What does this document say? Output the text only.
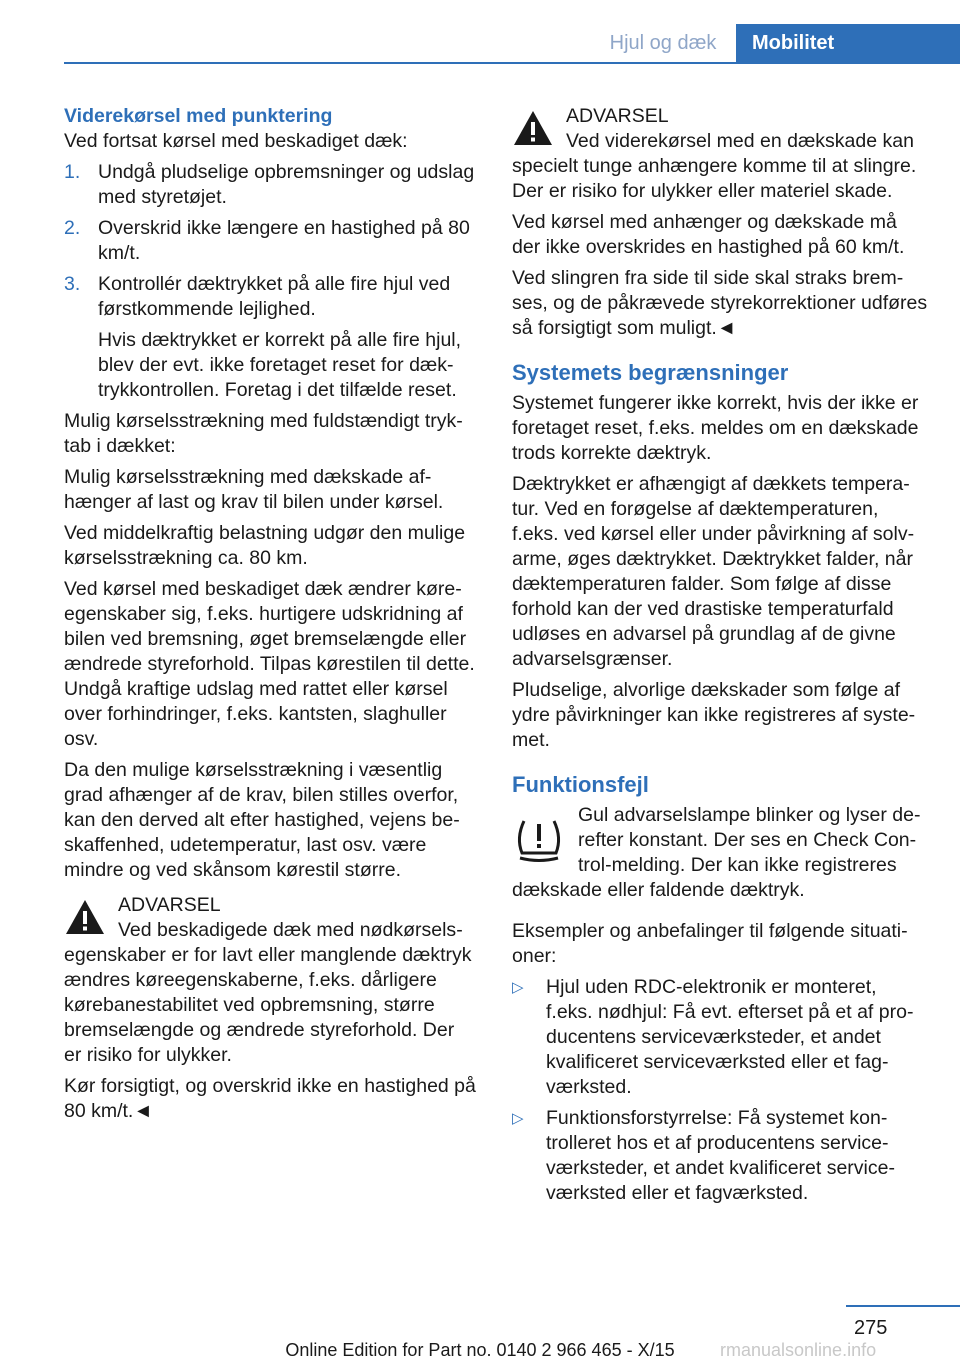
Hjul og dæk	Mobilitet

Viderekørsel med punktering

Ved fortsat kørsel med beskadiget dæk:

1. Undgå pludselige opbremsninger og udslag med styretøjet.
2. Overskrid ikke længere en hastighed på 80 km/t.
3. Kontrollér dæktrykket på alle fire hjul ved førstkommende lejlighed.
Hvis dæktrykket er korrekt på alle fire hjul, blev der evt. ikke foretaget reset for dæktrykkontrollen. Foretag i det tilfælde reset.

Mulig kørselsstrækning med fuldstændigt tryktab i dækket:

Mulig kørselsstrækning med dækskade afhænger af last og krav til bilen under kørsel.

Ved middelkraftig belastning udgør den mulige kørselsstrækning ca. 80 km.

Ved kørsel med beskadiget dæk ændrer køreegenskaber sig, f.eks. hurtigere udskridning af bilen ved bremsning, øget bremselængde eller ændrede styreforhold. Tilpas kørestilen til dette. Undgå kraftige udslag med rattet eller kørsel over forhindringer, f.eks. kantsten, slaghuller osv.

Da den mulige kørselsstrækning i væsentlig grad afhænger af de krav, bilen stilles overfor, kan den derved alt efter hastighed, vejens beskaffenhed, udetemperatur, last osv. være mindre og ved skånsom kørestil større.

ADVARSEL

Ved beskadigede dæk med nødkørselsegenskaber er for lavt eller manglende dæktryk ændres køreegenskaberne, f.eks. dårligere kørebanestabilitet ved opbremsning, større bremselængde og ændrede styreforhold. Der er risiko for ulykker.

Kør forsigtigt, og overskrid ikke en hastighed på 80 km/t.◄

ADVARSEL

Ved viderekørsel med en dækskade kan specielt tunge anhængere komme til at slingre. Der er risiko for ulykker eller materiel skade.

Ved kørsel med anhænger og dækskade må der ikke overskrides en hastighed på 60 km/t.

Ved slingren fra side til side skal straks bremses, og de påkrævede styrekorrektioner udføres så forsigtigt som muligt.◄

Systemets begrænsninger

Systemet fungerer ikke korrekt, hvis der ikke er foretaget reset, f.eks. meldes om en dækskade trods korrekte dæktryk.

Dæktrykket er afhængigt af dækkets temperatur. Ved en forøgelse af dæktemperaturen, f.eks. ved kørsel eller under påvirkning af solvarme, øges dæktrykket. Dæktrykket falder, når dæktemperaturen falder. Som følge af disse forhold kan der ved drastiske temperaturfald udløses en advarsel på grundlag af de givne advarselsgrænser.

Pludselige, alvorlige dækskader som følge af ydre påvirkninger kan ikke registreres af systemet.

Funktionsfejl

Gul advarselslampe blinker og lyser derefter konstant. Der ses en Check Control-melding. Der kan ikke registreres dækskade eller faldende dæktryk.

Eksempler og anbefalinger til følgende situationer:

▷ Hjul uden RDC-elektronik er monteret, f.eks. nødhjul: Få evt. efterset på et af producentens serviceværksteder, et andet kvalificeret serviceværksted eller et fagværksted.
▷ Funktionsforstyrrelse: Få systemet kontrolleret hos et af producentens serviceværksteder, et andet kvalificeret serviceværksted eller et fagværksted.
275
Online Edition for Part no. 0140 2 966 465 - X/15	rmanualsonline.info
